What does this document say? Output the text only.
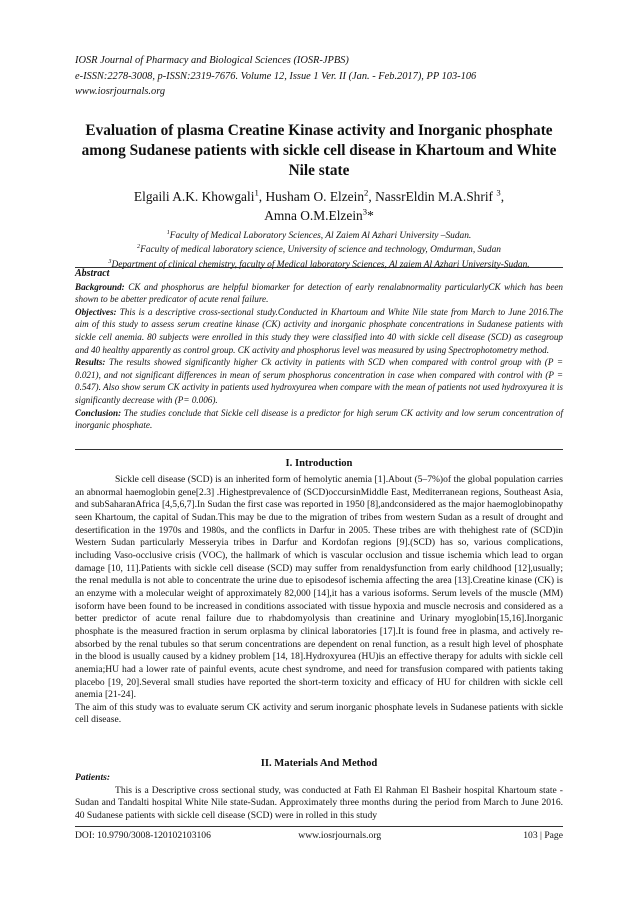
IOSR Journal of Pharmacy and Biological Sciences (IOSR-JPBS)
e-ISSN:2278-3008, p-ISSN:2319-7676. Volume 12, Issue 1 Ver. II (Jan. - Feb.2017), PP 103-106
www.iosrjournals.org
Evaluation of plasma Creatine Kinase activity and Inorganic phosphate among Sudanese patients with sickle cell disease in Khartoum and White Nile state
Elgaili A.K. Khowgali$^1$, Husham O. Elzein$^2$, NassrEldin M.A.Shrif $^3$,
Amna O.M.Elzein$^3$*
$^1$Faculty of Medical Laboratory Sciences, Al Zaiem Al Azhari University –Sudan.
$^2$Faculty of medical laboratory science, University of science and technology, Omdurman, Sudan
$^3$Department of clinical chemistry, faculty of Medical laboratory Sciences, Al zaiem Al Azhari University-Sudan.
Abstract
Background: CK and phosphorus are helpful biomarker for detection of early renalabnormality particularlyCK which has been shown to be abetter predicator of acute renal failure.
Objectives: This is a descriptive cross-sectional study.Conducted in Khartoum and White Nile state from March to June 2016.The aim of this study to assess serum creatine kinase (CK) activity and inorganic phosphate concentrations in Sudanese patients with sickle cell anemia. 80 subjects were enrolled in this study they were classified into 40 with sickle cell disease (SCD) as casegroup and 40 healthy apparently as control group. CK activity and phosphorus level was measured by using Spectrophotometry method.
Results: The results showed significantly higher Ck activity in patients with SCD when compared with control group with (P = 0.021), and not significant differences in mean of serum phosphorus concentration in case when compared with control with (P = 0.547). Also show serum CK activity in patients used hydroxyurea when compare with the mean of patients not used hydroxyurea it is significantly decrease with (P= 0.006).
Conclusion: The studies conclude that Sickle cell disease is a predictor for high serum CK activity and low serum concentration of inorganic phosphate.
I. Introduction

Sickle cell disease (SCD) is an inherited form of hemolytic anemia [1].About (5–7%)of the global population carries an abnormal haemoglobin gene[2.3] .Highestprevalence of (SCD)occursinMiddle East, Mediterranean regions, Southeast Asia, and subSaharanAfrica [4,5,6,7].In Sudan the first case was reported in 1950 [8],andconsidered as the major haemoglobinopathy seen Khartoum, the capital of Sudan.This may be due to the migration of tribes from western Sudan as a result of drought and desertification in the 1970s and 1980s, and the conflicts in Darfur in 2005. These tribes are with thehighest rate of (SCD)in Western Sudan particularly Messeryia tribes in Darfur and Kordofan regions [9].(SCD) has so, various complications, including Vaso-occlusive crisis (VOC), the hallmark of which is vascular occlusion and tissue ischemia which lead to organ damage [10, 11].Patients with sickle cell disease (SCD) may suffer from renaldysfunction from early childhood [12],usually; the renal medulla is not able to concentrate the urine due to episodesof ischemia affecting the area [13].Creatine kinase (CK) is an enzyme with a molecular weight of approximately 82,000 [14],it has a various isoforms. Serum levels of the muscle (MM) isoform have been found to be increased in conditions associated with tissue hypoxia and muscle necrosis and considered as a better predictor of acute renal failure due to rhabdomyolysis than creatinine and Urinary myoglobin[15,16].Inorganic phosphate is the measured fraction in serum orplasma by clinical laboratories [17].It is found free in plasma, and actively re-absorbed by the renal tubules so that serum concentrations are dependent on renal function, as a result high level of phosphate in the blood is usually caused by a kidney problem [14, 18].Hydroxyurea (HU)is an effective therapy for adults with sickle cell anemia;HU had a lower rate of painful events, acute chest syndrome, and need for transfusion compared with patients taking placebo [19, 20].Several small studies have reported the short-term toxicity and efficacy of HU for children with sickle cell anemia [21-24].

The aim of this study was to evaluate serum CK activity and serum inorganic phosphate levels in Sudanese patients with sickle cell disease.

II. Materials And Method
Patients:

This is a Descriptive cross sectional study, was conducted at Fath El Rahman El Basheir hospital Khartoum state -Sudan and Tandalti hospital White Nile state-Sudan. Approximately three months during the period from March to June 2016. 40 Sudanese patients with sickle cell disease (SCD) were in rolled in this study

DOI: 10.9790/3008-120102103106	www.iosrjournals.org	103 | Page
